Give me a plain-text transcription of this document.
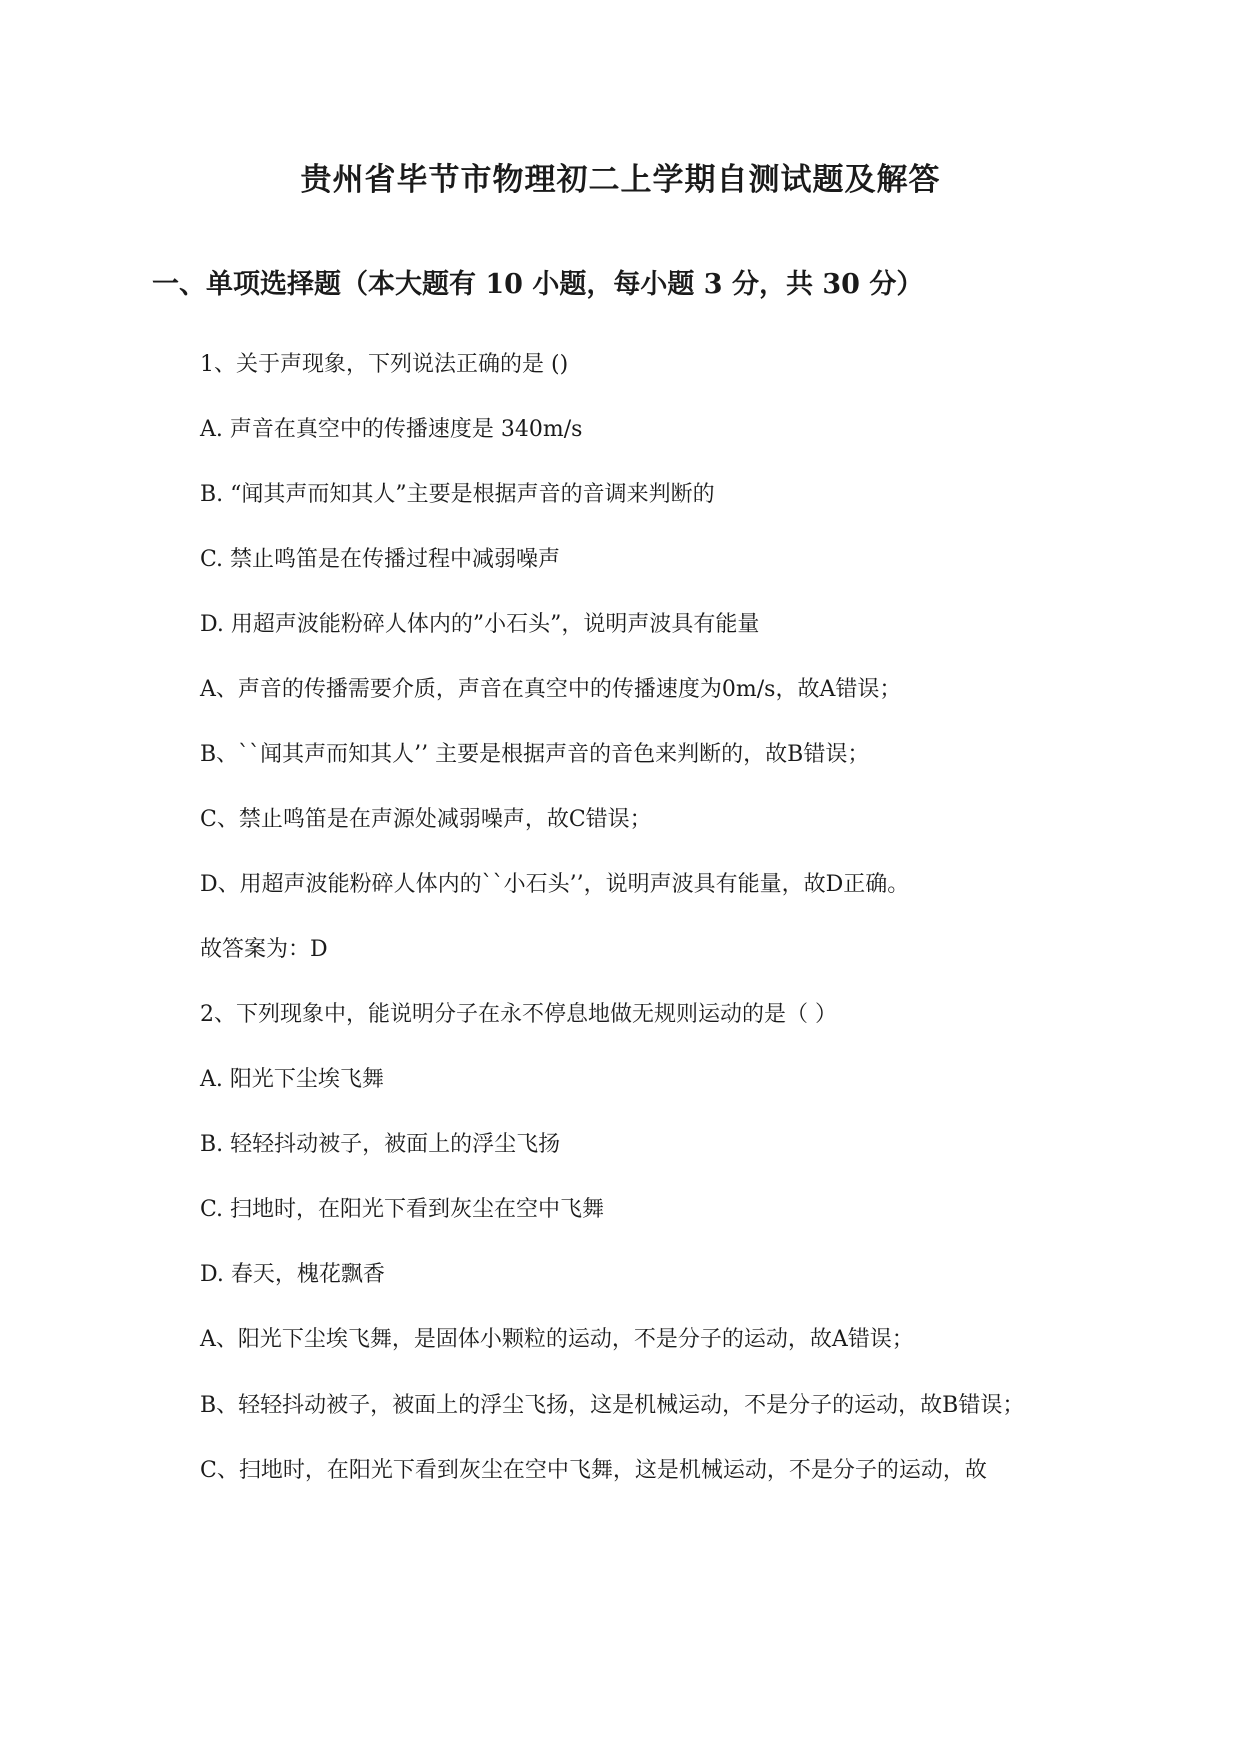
贵州省毕节市物理初二上学期自测试题及解答
一、单项选择题（本大题有 10 小题，每小题 3 分，共 30 分）

1、关于声现象，下列说法正确的是 ()

A. 声音在真空中的传播速度是 340m/s

B. “闻其声而知其人”主要是根据声音的音调来判断的

C. 禁止鸣笛是在传播过程中减弱噪声

D. 用超声波能粉碎人体内的”小石头”，说明声波具有能量

A、声音的传播需要介质，声音在真空中的传播速度为0m/s，故A错误；

B、``闻其声而知其人’’ 主要是根据声音的音色来判断的，故B错误；

C、禁止鸣笛是在声源处减弱噪声，故C错误；

D、用超声波能粉碎人体内的``小石头’’，说明声波具有能量，故D正确。

故答案为：D

2、下列现象中，能说明分子在永不停息地做无规则运动的是（ ）

A. 阳光下尘埃飞舞

B. 轻轻抖动被子，被面上的浮尘飞扬

C. 扫地时，在阳光下看到灰尘在空中飞舞

D. 春天，槐花飘香

A、阳光下尘埃飞舞，是固体小颗粒的运动，不是分子的运动，故A错误；

B、轻轻抖动被子，被面上的浮尘飞扬，这是机械运动，不是分子的运动，故B错误；

C、扫地时，在阳光下看到灰尘在空中飞舞，这是机械运动，不是分子的运动，故
